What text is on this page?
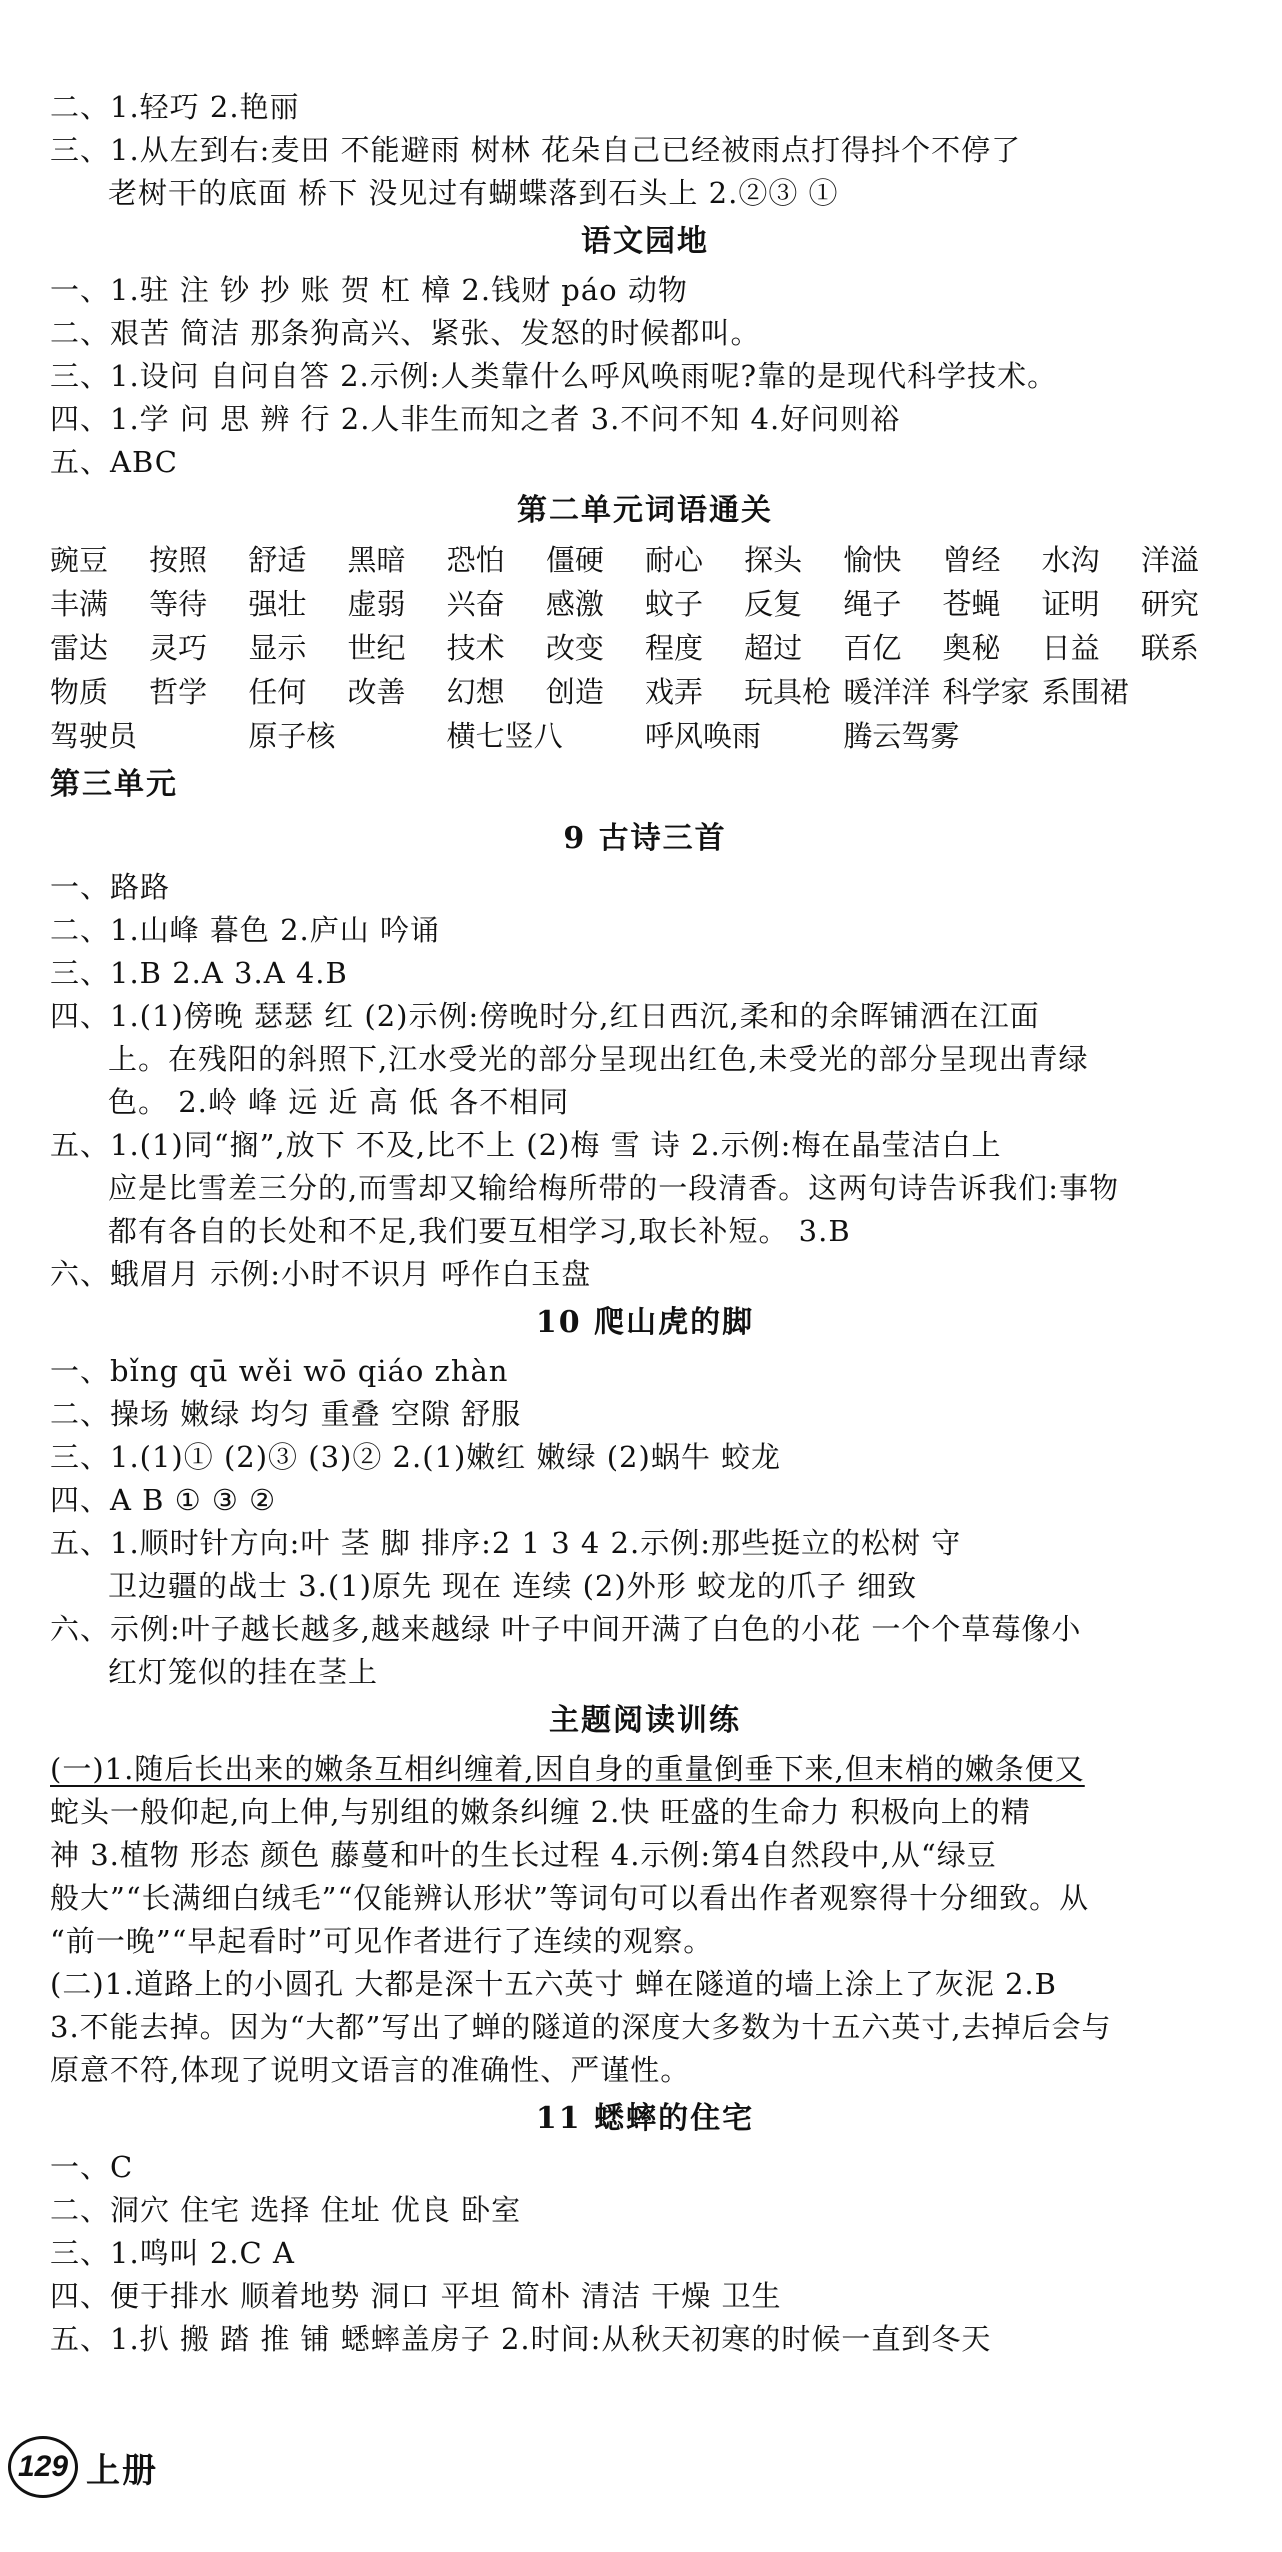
二、1.轻巧 2.艳丽
三、1.从左到右:麦田 不能避雨 树林 花朵自己已经被雨点打得抖个不停了
老树干的底面 桥下 没见过有蝴蝶落到石头上 2.②③ ①
语文园地
一、1.驻 注 钞 抄 账 贺 杠 樟 2.钱财 páo 动物
二、艰苦 简洁 那条狗高兴、紧张、发怒的时候都叫。
三、1.设问 自问自答 2.示例:人类靠什么呼风唤雨呢?靠的是现代科学技术。
四、1.学 问 思 辨 行 2.人非生而知之者 3.不问不知 4.好问则裕
五、ABC
第二单元词语通关
豌豆	按照	舒适	黑暗	恐怕	僵硬	耐心	探头	愉快	曾经	水沟	洋溢
丰满	等待	强壮	虚弱	兴奋	感激	蚊子	反复	绳子	苍蝇	证明	研究
雷达	灵巧	显示	世纪	技术	改变	程度	超过	百亿	奥秘	日益	联系
物质	哲学	任何	改善	幻想	创造	戏弄	玩具枪 暖洋洋 科学家 系围裙
驾驶员	原子核	横七竖八	呼风唤雨	腾云驾雾
第三单元
9 古诗三首
一、路路
二、1.山峰 暮色 2.庐山 吟诵
三、1.B 2.A 3.A 4.B
四、1.(1)傍晚 瑟瑟 红 (2)示例:傍晚时分,红日西沉,柔和的余晖铺洒在江面
上。在残阳的斜照下,江水受光的部分呈现出红色,未受光的部分呈现出青绿
色。 2.岭 峰 远 近 高 低 各不相同
五、1.(1)同“搁”,放下 不及,比不上 (2)梅 雪 诗 2.示例:梅在晶莹洁白上
应是比雪差三分的,而雪却又输给梅所带的一段清香。这两句诗告诉我们:事物
都有各自的长处和不足,我们要互相学习,取长补短。 3.B
六、蛾眉月 示例:小时不识月 呼作白玉盘
10 爬山虎的脚
一、bǐng qū wěi wō qiáo zhàn
二、操场 嫩绿 均匀 重叠 空隙 舒服
三、1.(1)① (2)③ (3)② 2.(1)嫩红 嫩绿 (2)蜗牛 蛟龙
四、A B ① ③ ②
五、1.顺时针方向:叶 茎 脚 排序:2 1 3 4 2.示例:那些挺立的松树 守
卫边疆的战士 3.(1)原先 现在 连续 (2)外形 蛟龙的爪子 细致
六、示例:叶子越长越多,越来越绿 叶子中间开满了白色的小花 一个个草莓像小
红灯笼似的挂在茎上
主题阅读训练
(一)1.随后长出来的嫩条互相纠缠着,因自身的重量倒垂下来,但末梢的嫩条便又
蛇头一般仰起,向上伸,与别组的嫩条纠缠 2.快 旺盛的生命力 积极向上的精
神 3.植物 形态 颜色 藤蔓和叶的生长过程 4.示例:第4自然段中,从“绿豆
般大”“长满细白绒毛”“仅能辨认形状”等词句可以看出作者观察得十分细致。从
“前一晚”“早起看时”可见作者进行了连续的观察。
(二)1.道路上的小圆孔 大都是深十五六英寸 蝉在隧道的墙上涂上了灰泥 2.B
3.不能去掉。因为“大都”写出了蝉的隧道的深度大多数为十五六英寸,去掉后会与
原意不符,体现了说明文语言的准确性、严谨性。
11 蟋蟀的住宅
一、C
二、洞穴 住宅 选择 住址 优良 卧室
三、1.鸣叫 2.C A
四、便于排水 顺着地势 洞口 平坦 简朴 清洁 干燥 卫生
五、1.扒 搬 踏 推 铺 蟋蟀盖房子 2.时间:从秋天初寒的时候一直到冬天
129 上册
